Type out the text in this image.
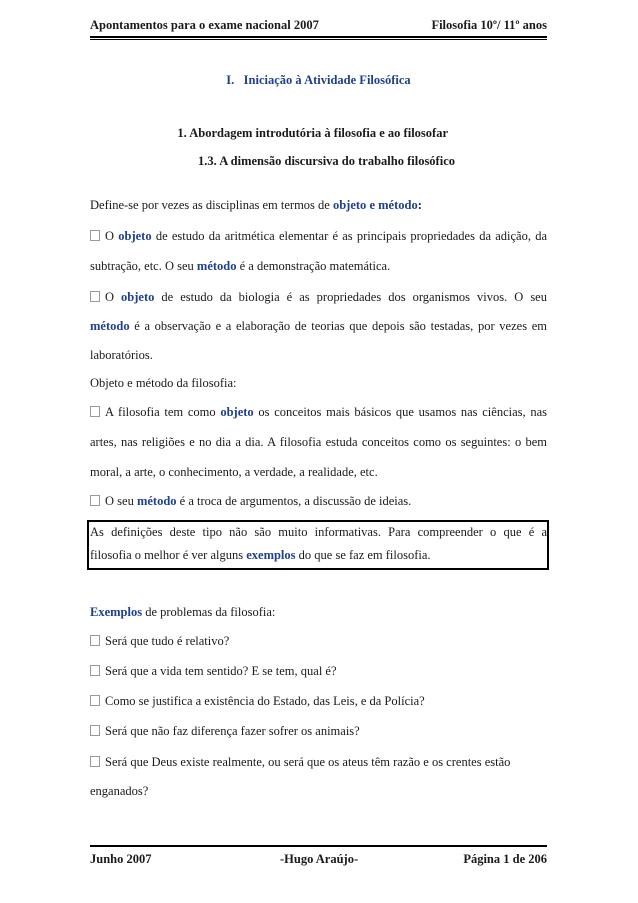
Apontamentos para o exame nacional 2007	Filosofia 10º/ 11º anos
I. Iniciação à Atividade Filosófica
1. Abordagem introdutória à filosofia e ao filosofar
1.3. A dimensão discursiva do trabalho filosófico
Define-se por vezes as disciplinas em termos de objeto e método:
O objeto de estudo da aritmética elementar é as principais propriedades da adição, da
subtração, etc. O seu método é a demonstração matemática.
O objeto de estudo da biologia é as propriedades dos organismos vivos. O seu
método é a observação e a elaboração de teorias que depois são testadas, por vezes em
laboratórios.
Objeto e método da filosofia:
A filosofia tem como objeto os conceitos mais básicos que usamos nas ciências, nas
artes, nas religiões e no dia a dia. A filosofia estuda conceitos como os seguintes: o bem
moral, a arte, o conhecimento, a verdade, a realidade, etc.
O seu método é a troca de argumentos, a discussão de ideias.
As definições deste tipo não são muito informativas. Para compreender o que é a
filosofia o melhor é ver alguns exemplos do que se faz em filosofia.
Exemplos de problemas da filosofia:
Será que tudo é relativo?
Será que a vida tem sentido? E se tem, qual é?
Como se justifica a existência do Estado, das Leis, e da Polícia?
Será que não faz diferença fazer sofrer os animais?
Será que Deus existe realmente, ou será que os ateus têm razão e os crentes estão
enganados?
Junho 2007	-Hugo Araújo-	Página 1 de 206
